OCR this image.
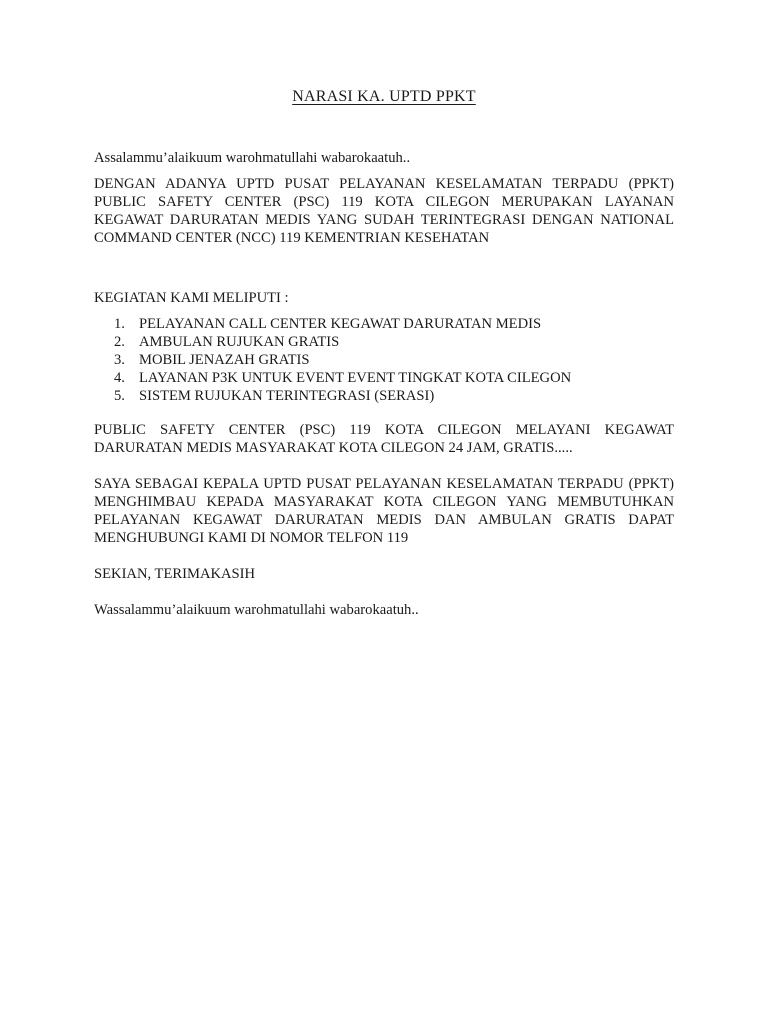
NARASI KA. UPTD PPKT

Assalammu’alaikuum warohmatullahi wabarokaatuh..

DENGAN ADANYA UPTD PUSAT PELAYANAN KESELAMATAN TERPADU (PPKT) PUBLIC SAFETY CENTER (PSC) 119 KOTA CILEGON MERUPAKAN LAYANAN KEGAWAT DARURATAN MEDIS YANG SUDAH TERINTEGRASI DENGAN NATIONAL COMMAND CENTER (NCC) 119 KEMENTRIAN KESEHATAN

KEGIATAN KAMI MELIPUTI :

1. PELAYANAN CALL CENTER KEGAWAT DARURATAN MEDIS
2. AMBULAN RUJUKAN GRATIS
3. MOBIL JENAZAH GRATIS
4. LAYANAN P3K UNTUK EVENT EVENT TINGKAT KOTA CILEGON
5. SISTEM RUJUKAN TERINTEGRASI (SERASI)

PUBLIC SAFETY CENTER (PSC) 119 KOTA CILEGON MELAYANI KEGAWAT DARURATAN MEDIS MASYARAKAT KOTA CILEGON 24 JAM, GRATIS.....

SAYA SEBAGAI KEPALA UPTD PUSAT PELAYANAN KESELAMATAN TERPADU (PPKT) MENGHIMBAU KEPADA MASYARAKAT KOTA CILEGON YANG MEMBUTUHKAN PELAYANAN KEGAWAT DARURATAN MEDIS DAN AMBULAN GRATIS DAPAT MENGHUBUNGI KAMI DI NOMOR TELFON 119

SEKIAN, TERIMAKASIH

Wassalammu’alaikuum warohmatullahi wabarokaatuh..
